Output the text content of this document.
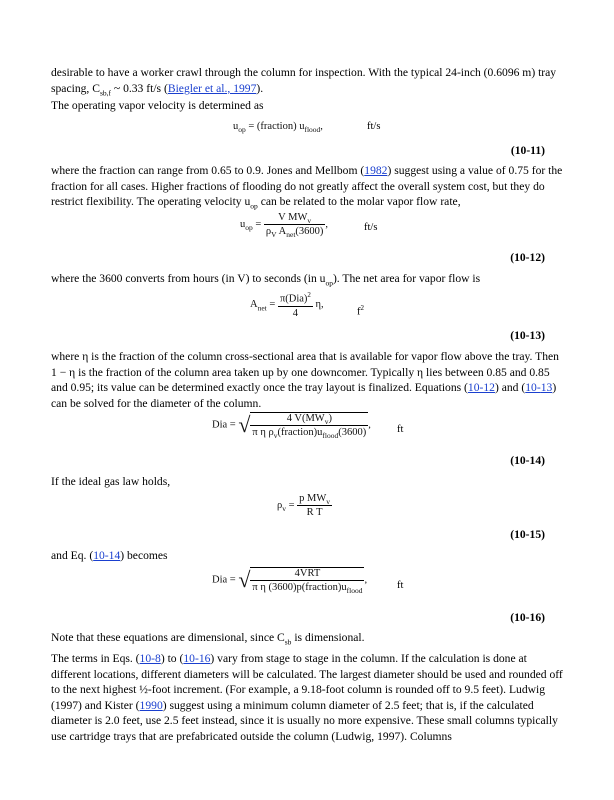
desirable to have a worker crawl through the column for inspection. With the typical 24-inch (0.6096 m) tray spacing, $C_{sb,f}$ ~ 0.33 ft/s (Biegler et al., 1997).
The operating vapor velocity is determined as
$u_{op}$ = (fraction) $u_{flood}$,	ft/s
(10-11)
where the fraction can range from 0.65 to 0.9. Jones and Mellbom (1982) suggest using a value of 0.75 for the fraction for all cases. Higher fractions of flooding do not greatly affect the overall system cost, but they do restrict flexibility. The operating velocity $u_{op}$ can be related to the molar vapor flow rate,
$u_{op} = \frac{V MW_v}{\rho_V A_{net}(3600)}$ ,	ft/s
(10-12)
where the 3600 converts from hours (in V) to seconds (in $u_{op}$). The net area for vapor flow is
$A_{net} = \frac{\pi(Dia)^2}{4} \eta$,
$f^2$
(10-13)
where η is the fraction of the column cross-sectional area that is available for vapor flow above the tray. Then 1 − η is the fraction of the column area taken up by one downcomer. Typically η lies between 0.85 and 0.85 and 0.95; its value can be determined exactly once the tray layout is finalized. Equations (10-12) and (10-13) can be solved for the diameter of the column.
Dia = √ $\frac{4 V(MW_v)}{\pi \eta \rho_v(fraction)u_{flood}(3600)}$ , ft
(10-14)
If the ideal gas law holds,
$\rho_v = \frac{p MW_v}{\text{R T}}$
(10-15)
and Eq. (10-14) becomes
Dia = √ $\frac{\text{4VRT}}{\pi \eta (3600)p(fraction)u_{flood}}$ ,
ft
(10-16)
Note that these equations are dimensional, since $C_{sb}$ is dimensional.
The terms in Eqs. (10-8) to (10-16) vary from stage to stage in the column. If the calculation is done at different locations, different diameters will be calculated. The largest diameter should be used and rounded off to the next highest ½-foot increment. (For example, a 9.18-foot column is rounded off to 9.5 feet). Ludwig (1997) and Kister (1990) suggest using a minimum column diameter of 2.5 feet; that is, if the calculated diameter is 2.0 feet, use 2.5 feet instead, since it is usually no more expensive. These small columns typically use cartridge trays that are prefabricated outside the column (Ludwig, 1997). Columns
